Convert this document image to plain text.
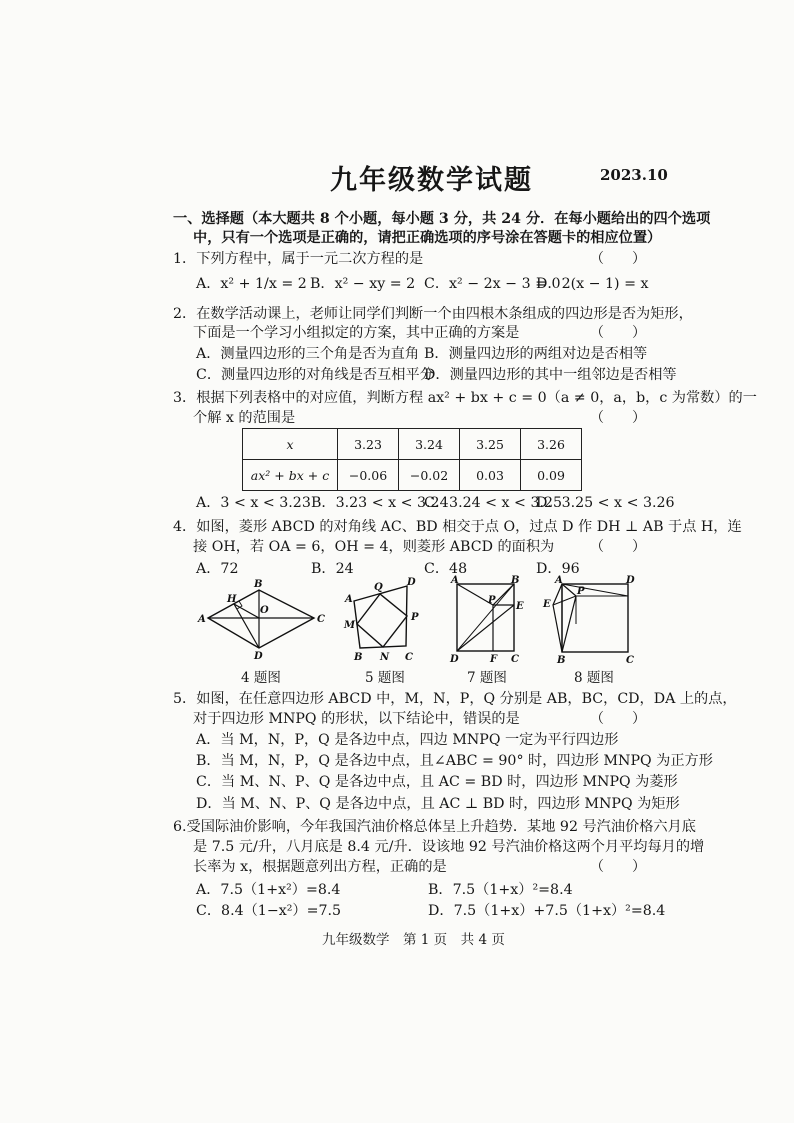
九年级数学试题	2023.10
一、选择题（本大题共 8 个小题，每小题 3 分，共 24 分．在每小题给出的四个选项
中，只有一个选项是正确的，请把正确选项的序号涂在答题卡的相应位置）
1．下列方程中，属于一元二次方程的是	（　　）
A．x² + 1/x = 2 B．x² − xy = 2 C．x² − 2x − 3 = 0
D．2(x − 1) = x
2．在数学活动课上，老师让同学们判断一个由四根木条组成的四边形是否为矩形，
下面是一个学习小组拟定的方案，其中正确的方案是	（　　）
A．测量四边形的三个角是否为直角 B．测量四边形的两组对边是否相等
C．测量四边形的对角线是否互相平分
D．测量四边形的其中一组邻边是否相等
3．根据下列表格中的对应值，判断方程 ax² + bx + c = 0（a ≠ 0，a，b，c 为常数）的一
个解 x 的范围是	（　　）
x	3.23	3.24	3.25	3.26
ax² + bx + c	−0.06	−0.02	0.03	0.09
A．3 < x < 3.23 B．3.23 < x < 3.24
C．3.24 < x < 3.25
D．3.25 < x < 3.26
4．如图，菱形 ABCD 的对角线 AC、BD 相交于点 O，过点 D 作 DH ⊥ AB 于点 H，连
接 OH，若 OA = 6，OH = 4，则菱形 ABCD 的面积为	（　　）
A．72	B．24	C．48	D．96
A
B
C
D
H
O
A
Q D
P
M
B N C
A	B
P
E
D	F C
A	D
P
E
B	C
4 题图	5 题图	7 题图	8 题图
5．如图，在任意四边形 ABCD 中，M，N，P，Q 分别是 AB，BC，CD，DA 上的点，
对于四边形 MNPQ 的形状，以下结论中，错误的是	（　　）
A．当 M，N，P，Q 是各边中点，四边 MNPQ 一定为平行四边形
B．当 M，N，P，Q 是各边中点，且∠ABC = 90° 时，四边形 MNPQ 为正方形
C．当 M、N、P、Q 是各边中点，且 AC = BD 时，四边形 MNPQ 为菱形
D．当 M、N、P、Q 是各边中点，且 AC ⊥ BD 时，四边形 MNPQ 为矩形
6.受国际油价影响，今年我国汽油价格总体呈上升趋势．某地 92 号汽油价格六月底
是 7.5 元/升，八月底是 8.4 元/升．设该地 92 号汽油价格这两个月平均每月的增
长率为 x，根据题意列出方程，正确的是	（　　）
A．7.5（1+x²）=8.4	B．7.5（1+x）²=8.4
C．8.4（1−x²）=7.5	D．7.5（1+x）+7.5（1+x）²=8.4
九年级数学　第 1 页　共 4 页
